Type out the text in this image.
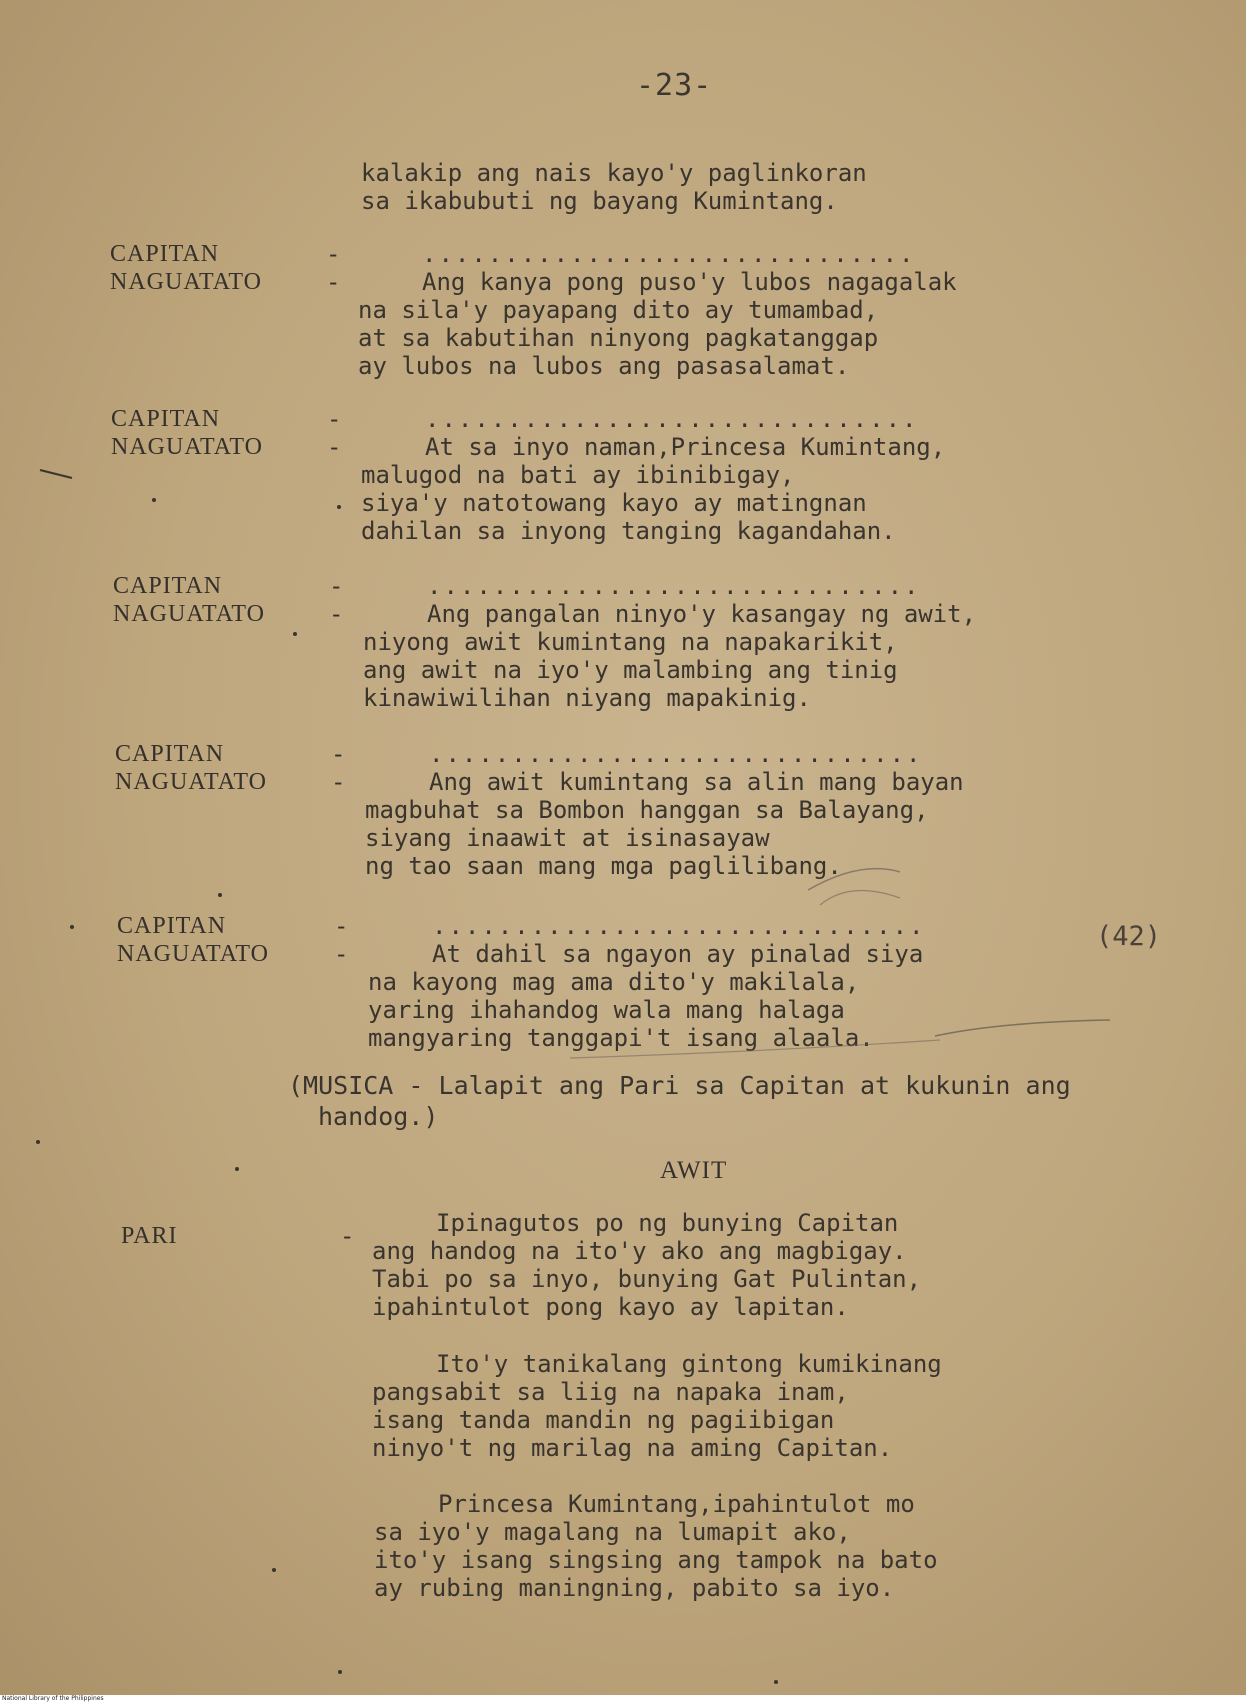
-23-
kalakip ang nais kayo'y paglinkoran
sa ikabubuti ng bayang Kumintang.
CAPITAN
NAGUATATO
-
-
..............................
Ang kanya pong puso'y lubos nagagalak
na sila'y payapang dito ay tumambad,
at sa kabutihan ninyong pagkatanggap
ay lubos na lubos ang pasasalamat.
CAPITAN
NAGUATATO
-
-
..............................
At sa inyo naman,Princesa Kumintang,
malugod na bati ay ibinibigay,
siya'y natotowang kayo ay matingnan
dahilan sa inyong tanging kagandahan.
CAPITAN
NAGUATATO
-
-
..............................
Ang pangalan ninyo'y kasangay ng awit,
niyong awit kumintang na napakarikit,
ang awit na iyo'y malambing ang tinig
kinawiwilihan niyang mapakinig.
CAPITAN
NAGUATATO
-
-
..............................
Ang awit kumintang sa alin mang bayan
magbuhat sa Bombon hanggan sa Balayang,
siyang inaawit at isinasayaw
ng tao saan mang mga paglilibang.
CAPITAN
NAGUATATO
-
-
..............................
At dahil sa ngayon ay pinalad siya
na kayong mag ama dito'y makilala,
yaring ihahandog wala mang halaga
mangyaring tanggapi't isang alaala.
(42)
(MUSICA - Lalapit ang Pari sa Capitan at kukunin ang
handog.)
AWIT
PARI	-	Ipinagutos po ng bunying Capitan
ang handog na ito'y ako ang magbigay.
Tabi po sa inyo, bunying Gat Pulintan,
ipahintulot pong kayo ay lapitan.
Ito'y tanikalang gintong kumikinang
pangsabit sa liig na napaka inam,
isang tanda mandin ng pagiibigan
ninyo't ng marilag na aming Capitan.
Princesa Kumintang,ipahintulot mo
sa iyo'y magalang na lumapit ako,
ito'y isang singsing ang tampok na bato
ay rubing maningning, pabito sa iyo.
National Library of the Philippines
